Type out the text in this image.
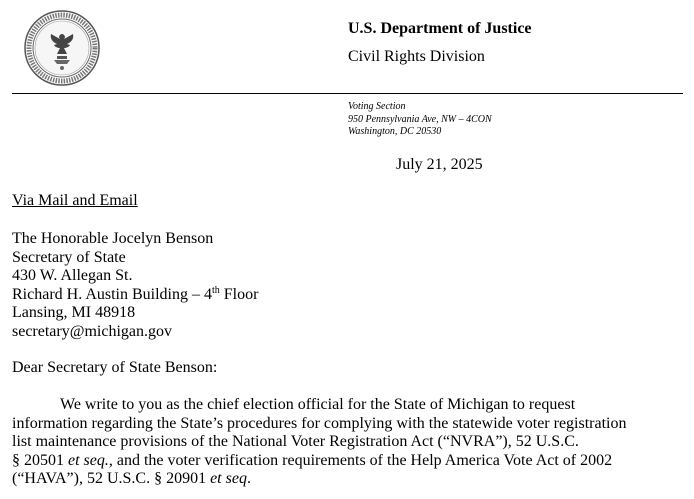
U.S. Department of Justice
Civil Rights Division
Voting Section
950 Pennsylvania Ave, NW – 4CON
Washington, DC 20530
July 21, 2025
Via Mail and Email
The Honorable Jocelyn Benson
Secretary of State
430 W. Allegan St.
Richard H. Austin Building – 4th Floor
Lansing, MI 48918
secretary@michigan.gov
Dear Secretary of State Benson:
We write to you as the chief election official for the State of Michigan to request
information regarding the State’s procedures for complying with the statewide voter registration
list maintenance provisions of the National Voter Registration Act (“NVRA”), 52 U.S.C.
§ 20501 et seq., and the voter verification requirements of the Help America Vote Act of 2002
(“HAVA”), 52 U.S.C. § 20901 et seq.
